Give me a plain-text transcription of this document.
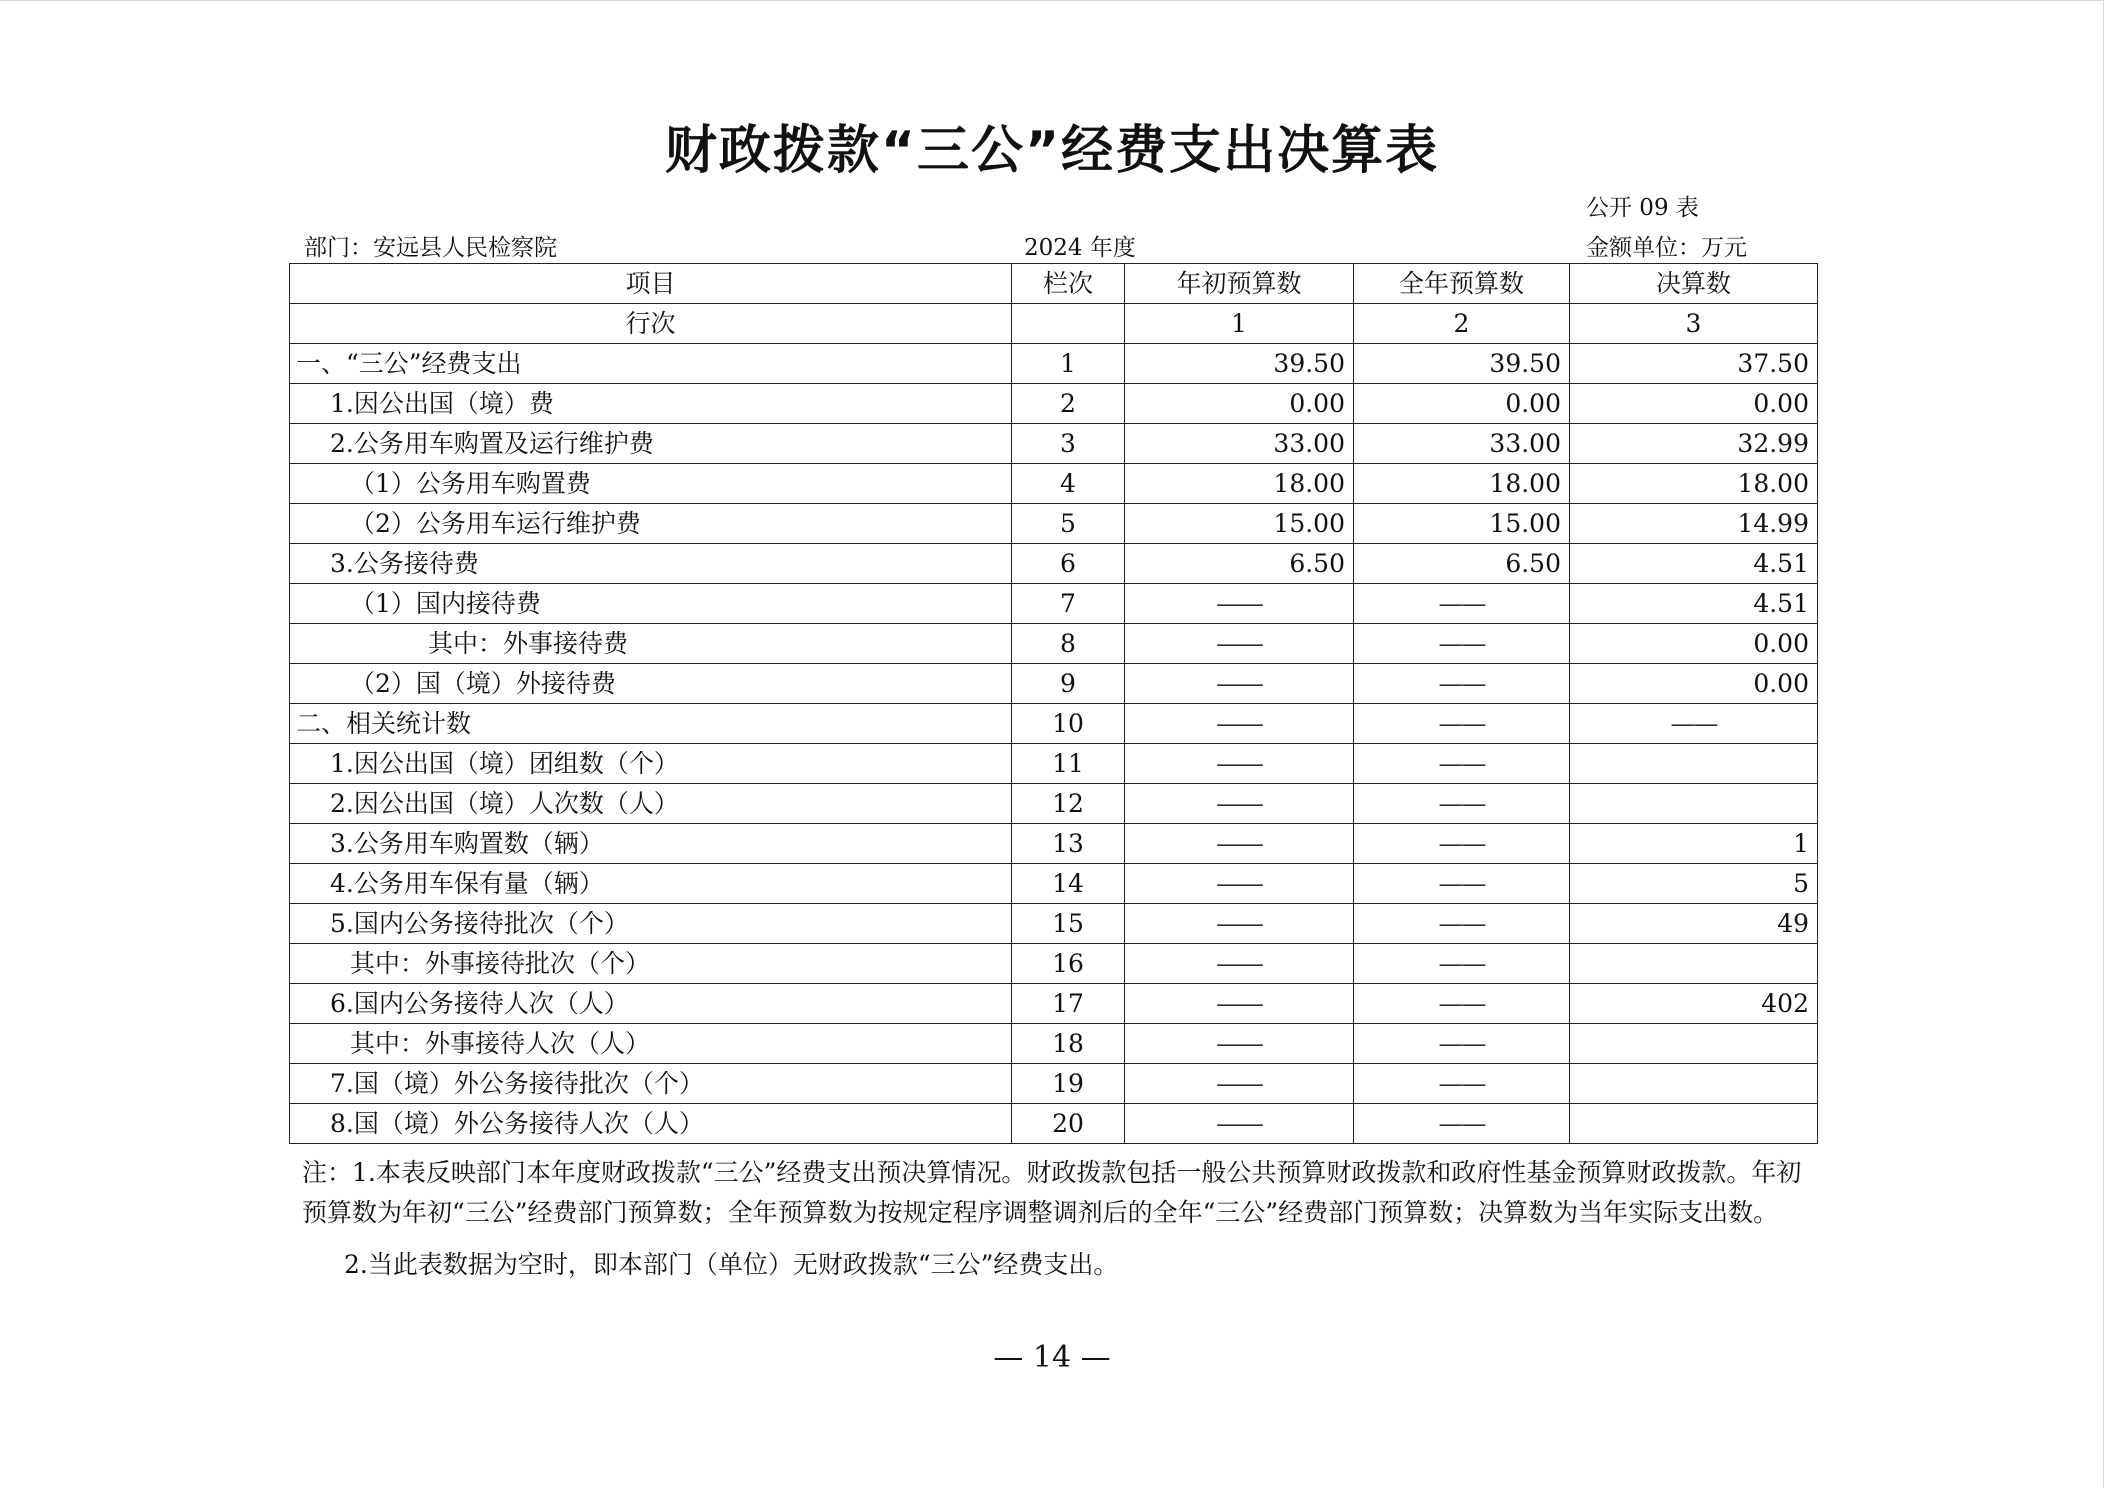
财政拨款“三公”经费支出决算表
公开 09 表
部门：安远县人民检察院	2024 年度	金额单位：万元
项目	栏次	年初预算数	全年预算数	决算数
行次		1	2	3
一、“三公”经费支出	1	39.50	39.50	37.50
1.因公出国（境）费	2	0.00	0.00	0.00
2.公务用车购置及运行维护费	3	33.00	33.00	32.99
（1）公务用车购置费	4	18.00	18.00	18.00
（2）公务用车运行维护费	5	15.00	15.00	14.99
3.公务接待费	6	6.50	6.50	4.51
（1）国内接待费	7	——	——	4.51
其中：外事接待费	8	——	——	0.00
（2）国（境）外接待费	9	——	——	0.00
二、相关统计数	10	——	——	——
1.因公出国（境）团组数（个）	11	——	——	
2.因公出国（境）人次数（人）	12	——	——	
3.公务用车购置数（辆）	13	——	——	1
4.公务用车保有量（辆）	14	——	——	5
5.国内公务接待批次（个）	15	——	——	49
其中：外事接待批次（个）	16	——	——	
6.国内公务接待人次（人）	17	——	——	402
其中：外事接待人次（人）	18	——	——	
7.国（境）外公务接待批次（个）	19	——	——	
8.国（境）外公务接待人次（人）	20	——	——	
注：1.本表反映部门本年度财政拨款“三公”经费支出预决算情况。财政拨款包括一般公共预算财政拨款和政府性基金预算财政拨款。年初预算数为年初“三公”经费部门预算数；全年预算数为按规定程序调整调剂后的全年“三公”经费部门预算数；决算数为当年实际支出数。
2.当此表数据为空时，即本部门（单位）无财政拨款“三公”经费支出。
— 14 —
